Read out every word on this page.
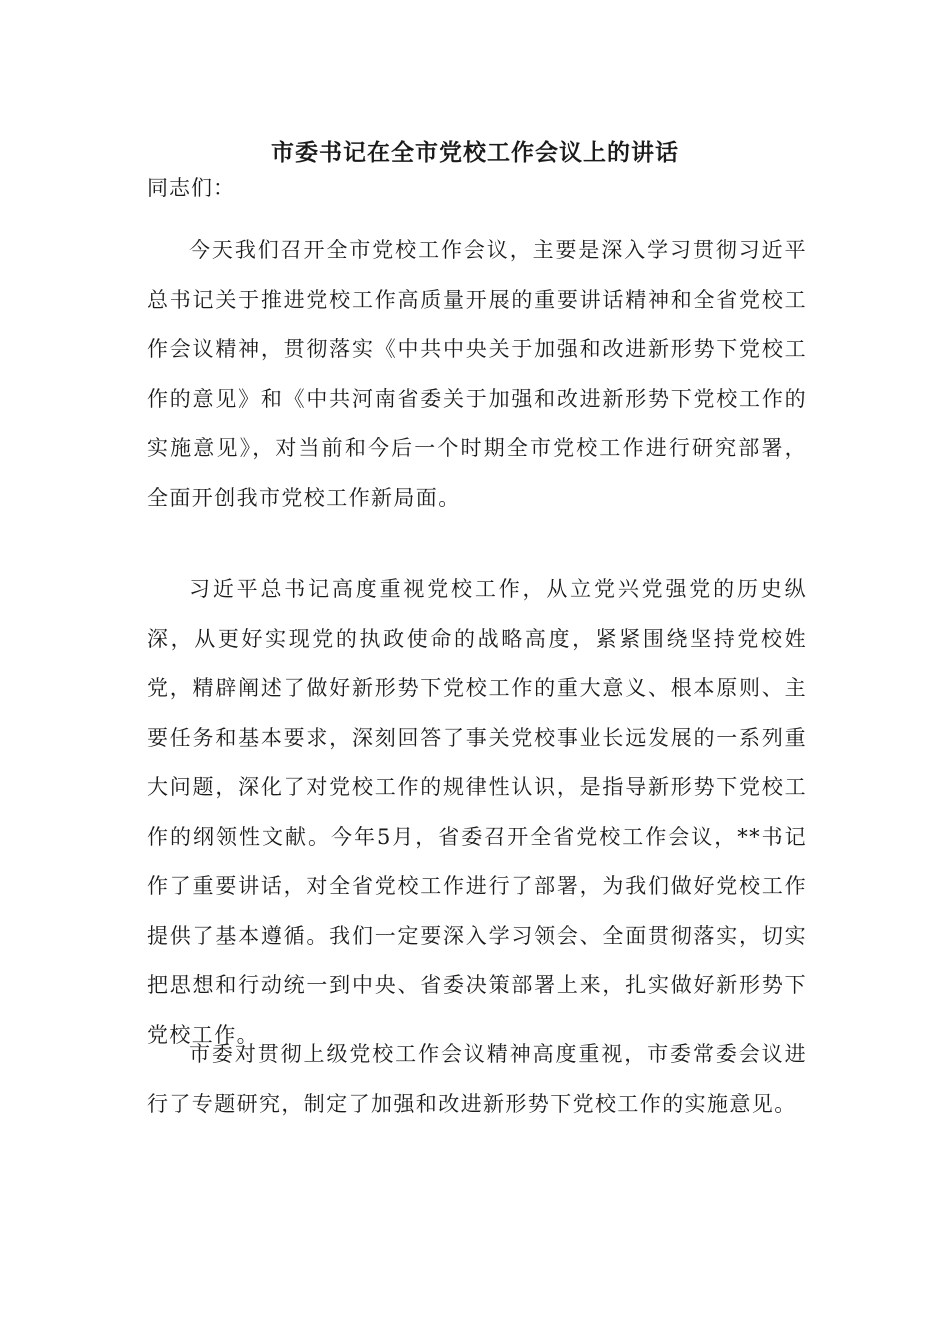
市委书记在全市党校工作会议上的讲话
同志们：

今天我们召开全市党校工作会议，主要是深入学习贯彻习近平总书记关于推进党校工作高质量开展的重要讲话精神和全省党校工作会议精神，贯彻落实《中共中央关于加强和改进新形势下党校工作的意见》和《中共河南省委关于加强和改进新形势下党校工作的实施意见》，对当前和今后一个时期全市党校工作进行研究部署，全面开创我市党校工作新局面。

习近平总书记高度重视党校工作，从立党兴党强党的历史纵深，从更好实现党的执政使命的战略高度，紧紧围绕坚持党校姓党，精辟阐述了做好新形势下党校工作的重大意义、根本原则、主要任务和基本要求，深刻回答了事关党校事业长远发展的一系列重大问题，深化了对党校工作的规律性认识，是指导新形势下党校工作的纲领性文献。今年5月，省委召开全省党校工作会议，**书记作了重要讲话，对全省党校工作进行了部署，为我们做好党校工作提供了基本遵循。我们一定要深入学习领会、全面贯彻落实，切实把思想和行动统一到中央、省委决策部署上来，扎实做好新形势下党校工作。

市委对贯彻上级党校工作会议精神高度重视，市委常委会议进行了专题研究，制定了加强和改进新形势下党校工作的实施意见。
